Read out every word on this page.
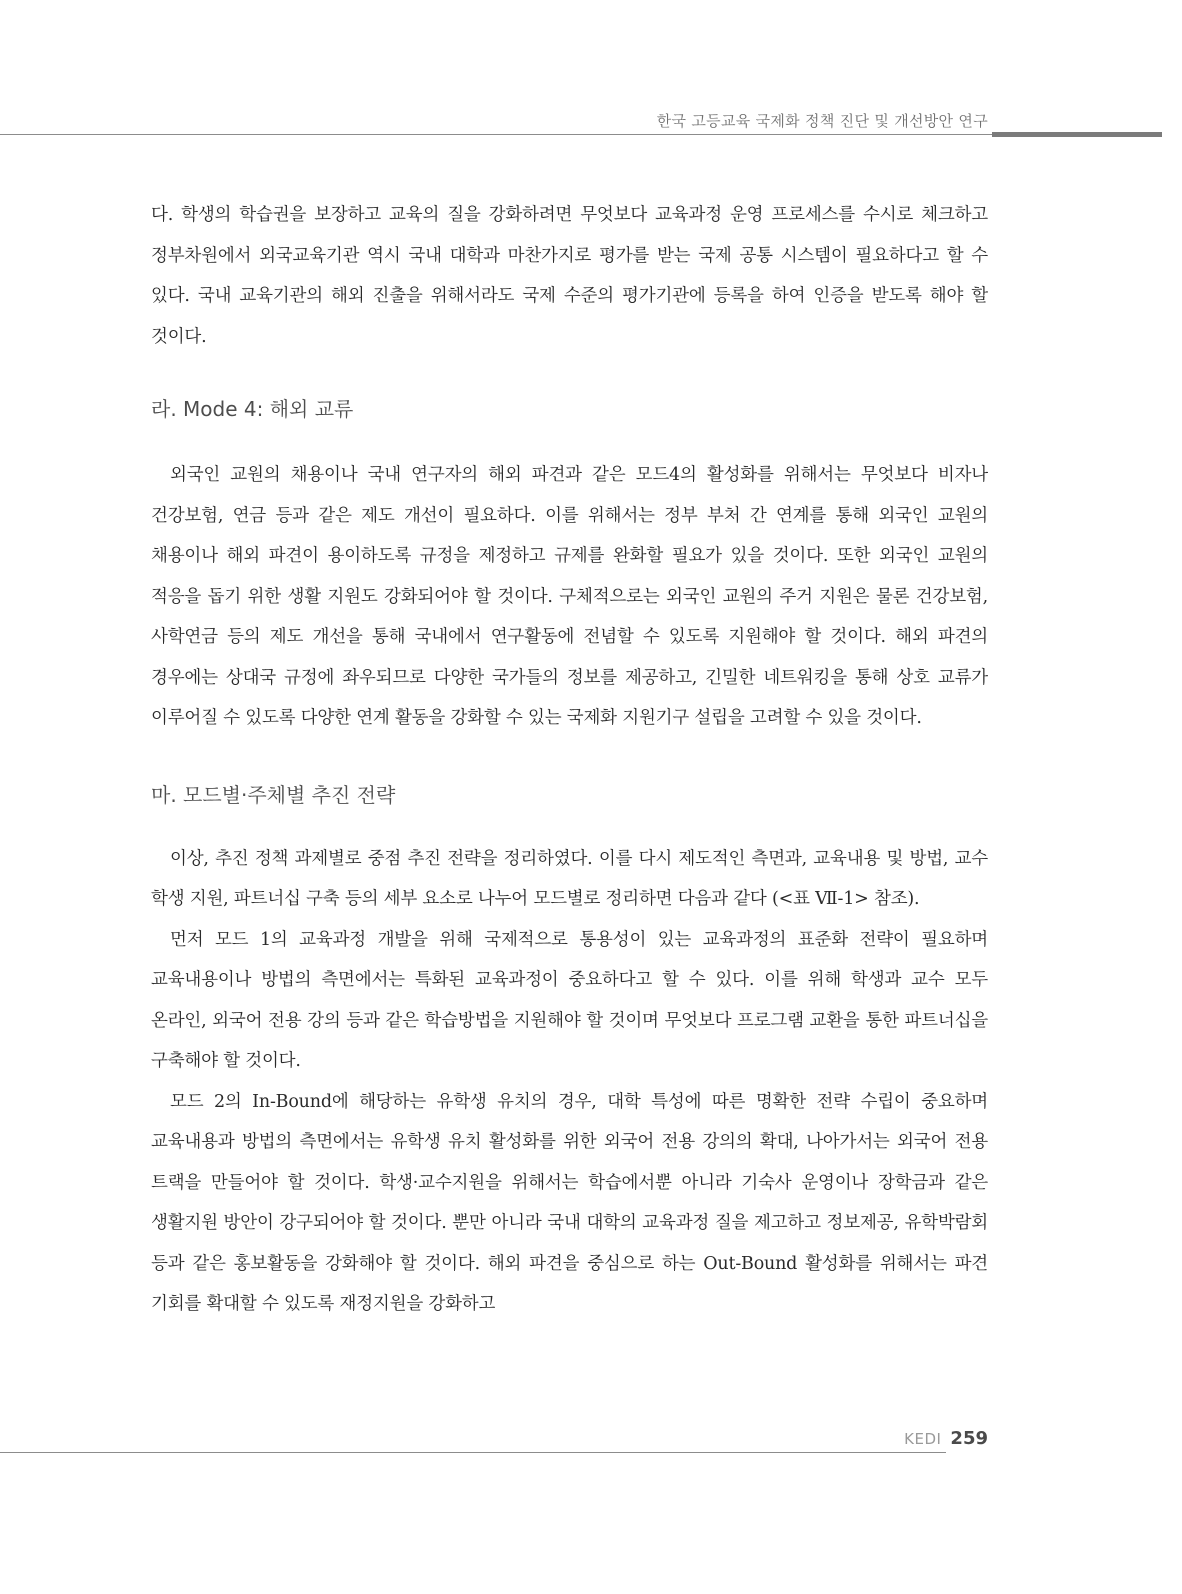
한국 고등교육 국제화 정책 진단 및 개선방안 연구

다. 학생의 학습권을 보장하고 교육의 질을 강화하려면 무엇보다 교육과정 운영 프로세스를 수시로 체크하고 정부차원에서 외국교육기관 역시 국내 대학과 마찬가지로 평가를 받는 국제 공통 시스템이 필요하다고 할 수 있다. 국내 교육기관의 해외 진출을 위해서라도 국제 수준의 평가기관에 등록을 하여 인증을 받도록 해야 할 것이다.

라. Mode 4: 해외 교류

외국인 교원의 채용이나 국내 연구자의 해외 파견과 같은 모드4의 활성화를 위해서는 무엇보다 비자나 건강보험, 연금 등과 같은 제도 개선이 필요하다. 이를 위해서는 정부 부처 간 연계를 통해 외국인 교원의 채용이나 해외 파견이 용이하도록 규정을 제정하고 규제를 완화할 필요가 있을 것이다. 또한 외국인 교원의 적응을 돕기 위한 생활 지원도 강화되어야 할 것이다. 구체적으로는 외국인 교원의 주거 지원은 물론 건강보험, 사학연금 등의 제도 개선을 통해 국내에서 연구활동에 전념할 수 있도록 지원해야 할 것이다. 해외 파견의 경우에는 상대국 규정에 좌우되므로 다양한 국가들의 정보를 제공하고, 긴밀한 네트워킹을 통해 상호 교류가 이루어질 수 있도록 다양한 연계 활동을 강화할 수 있는 국제화 지원기구 설립을 고려할 수 있을 것이다.

마. 모드별·주체별 추진 전략

이상, 추진 정책 과제별로 중점 추진 전략을 정리하였다. 이를 다시 제도적인 측면과, 교육내용 및 방법, 교수 학생 지원, 파트너십 구축 등의 세부 요소로 나누어 모드별로 정리하면 다음과 같다 (<표 Ⅶ-1> 참조).

먼저 모드 1의 교육과정 개발을 위해 국제적으로 통용성이 있는 교육과정의 표준화 전략이 필요하며 교육내용이나 방법의 측면에서는 특화된 교육과정이 중요하다고 할 수 있다. 이를 위해 학생과 교수 모두 온라인, 외국어 전용 강의 등과 같은 학습방법을 지원해야 할 것이며 무엇보다 프로그램 교환을 통한 파트너십을 구축해야 할 것이다.

모드 2의 In-Bound에 해당하는 유학생 유치의 경우, 대학 특성에 따른 명확한 전략 수립이 중요하며 교육내용과 방법의 측면에서는 유학생 유치 활성화를 위한 외국어 전용 강의의 확대, 나아가서는 외국어 전용 트랙을 만들어야 할 것이다. 학생·교수지원을 위해서는 학습에서뿐 아니라 기숙사 운영이나 장학금과 같은 생활지원 방안이 강구되어야 할 것이다. 뿐만 아니라 국내 대학의 교육과정 질을 제고하고 정보제공, 유학박람회 등과 같은 홍보활동을 강화해야 할 것이다. 해외 파견을 중심으로 하는 Out-Bound 활성화를 위해서는 파견 기회를 확대할 수 있도록 재정지원을 강화하고

KEDI 259
